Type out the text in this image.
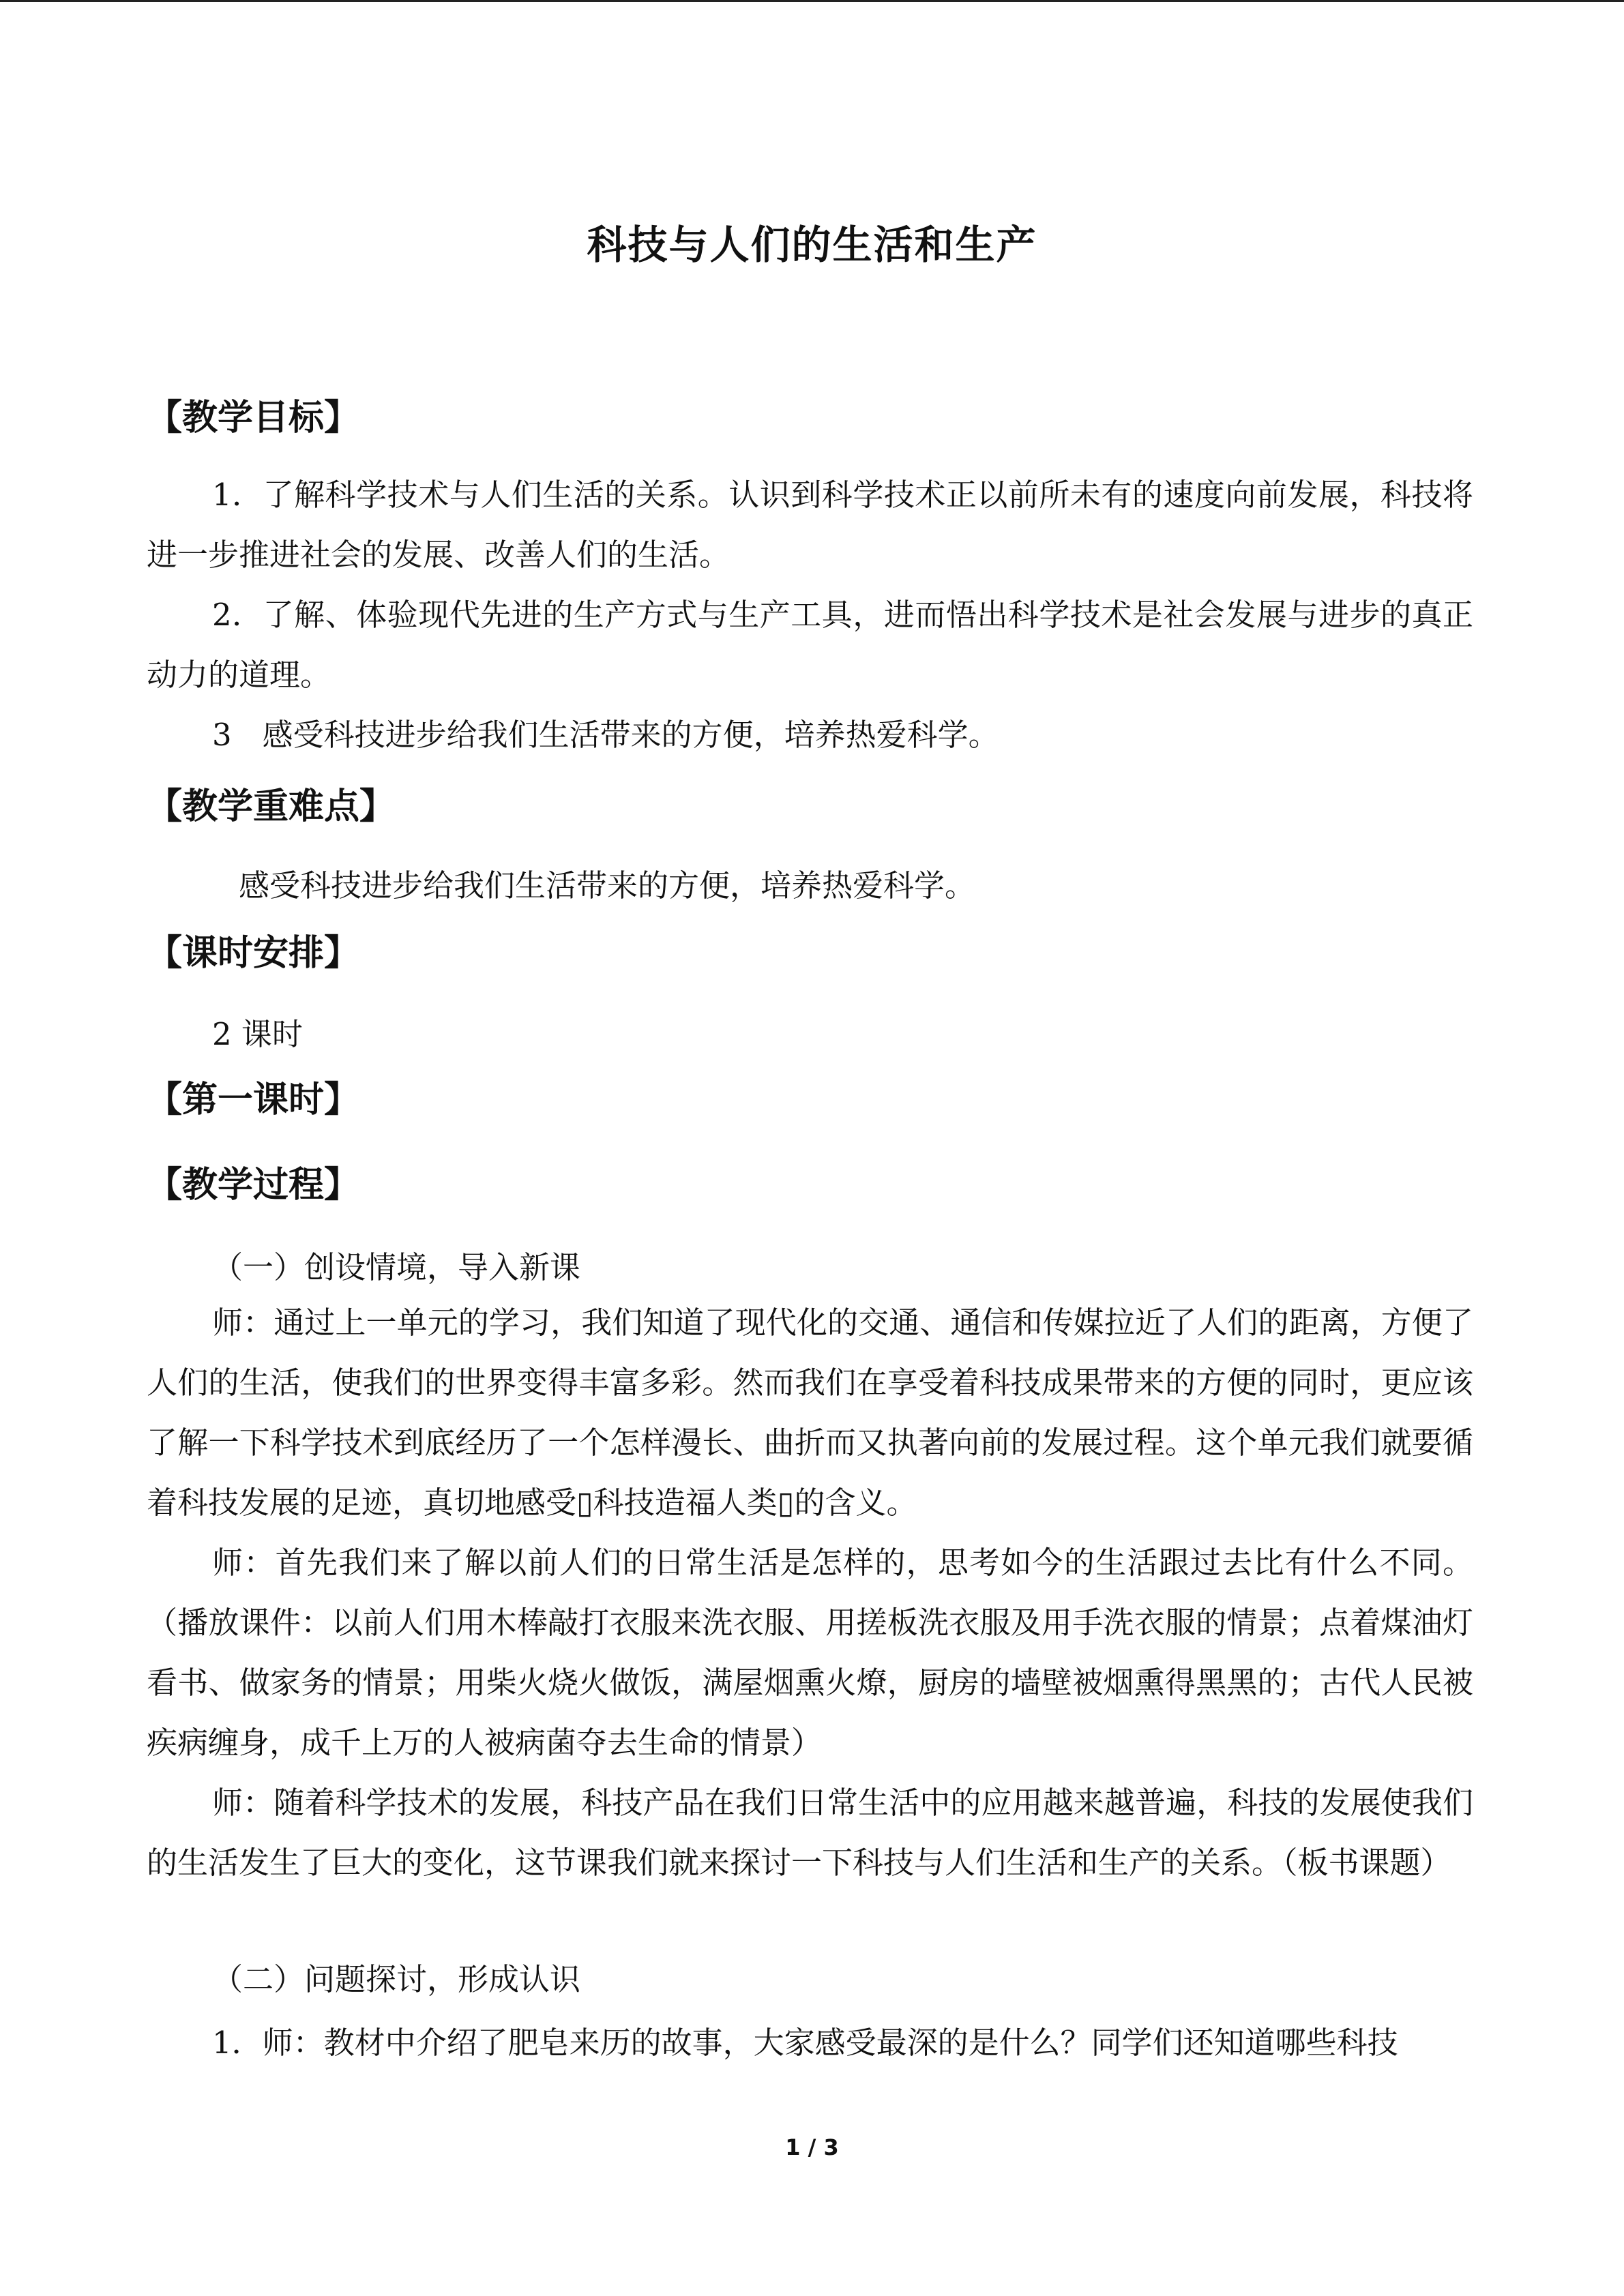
科技与人们的生活和生产
【教学目标】

1．了解科学技术与人们生活的关系。认识到科学技术正以前所未有的速度向前发展，科技将进一步推进社会的发展、改善人们的生活。

2．了解、体验现代先进的生产方式与生产工具，进而悟出科学技术是社会发展与进步的真正动力的道理。

3　感受科技进步给我们生活带来的方便，培养热爱科学。

【教学重难点】
感受科技进步给我们生活带来的方便，培养热爱科学。
【课时安排】
2 课时
【第一课时】
【教学过程】
（一）创设情境，导入新课

师：通过上一单元的学习，我们知道了现代化的交通、通信和传媒拉近了人们的距离，方便了人们的生活，使我们的世界变得丰富多彩。然而我们在享受着科技成果带来的方便的同时，更应该了解一下科学技术到底经历了一个怎样漫长、曲折而又执著向前的发展过程。这个单元我们就要循着科技发展的足迹，真切地感受▯科技造福人类▯的含义。

师：首先我们来了解以前人们的日常生活是怎样的，思考如今的生活跟过去比有什么不同。（播放课件：以前人们用木棒敲打衣服来洗衣服、用搓板洗衣服及用手洗衣服的情景；点着煤油灯看书、做家务的情景；用柴火烧火做饭，满屋烟熏火燎，厨房的墙壁被烟熏得黑黑的；古代人民被疾病缠身，成千上万的人被病菌夺去生命的情景）

师：随着科学技术的发展，科技产品在我们日常生活中的应用越来越普遍，科技的发展使我们的生活发生了巨大的变化，这节课我们就来探讨一下科技与人们生活和生产的关系。（板书课题）

（二）问题探讨，形成认识

1．师：教材中介绍了肥皂来历的故事，大家感受最深的是什么？同学们还知道哪些科技

1 / 3
